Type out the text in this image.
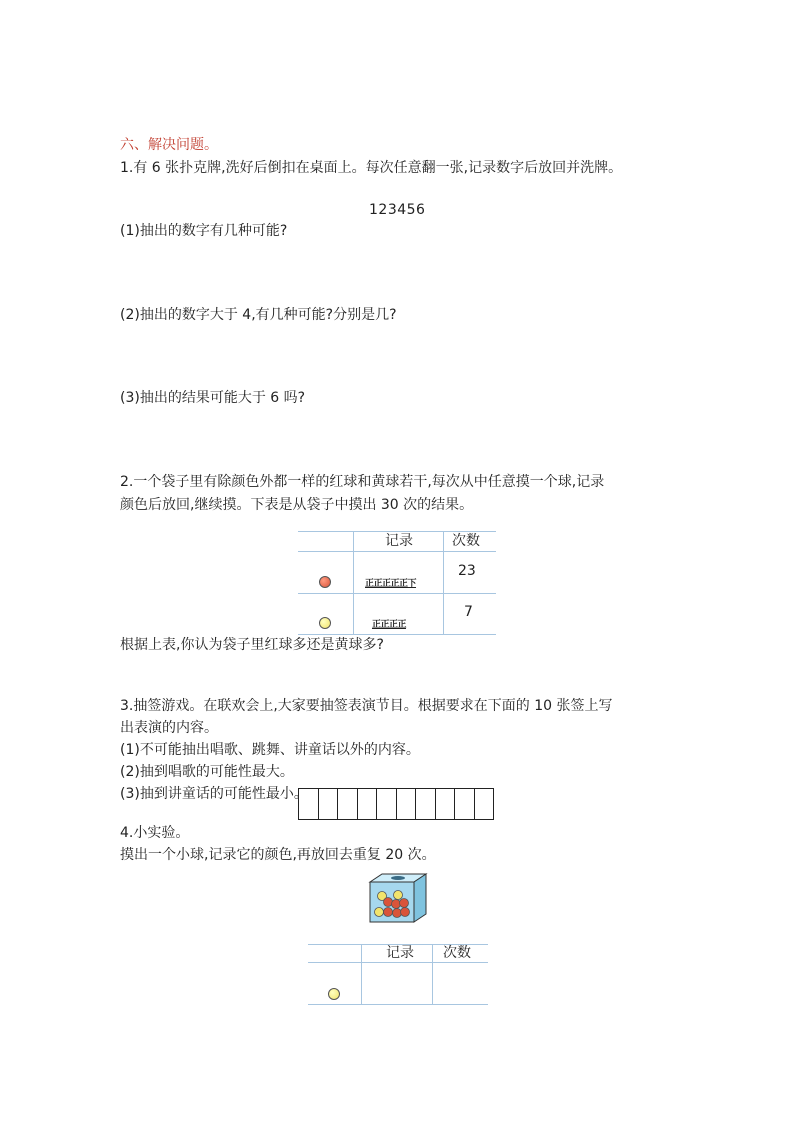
六、解决问题。
1.有 6 张扑克牌,洗好后倒扣在桌面上。每次任意翻一张,记录数字后放回并洗牌。
123456
(1)抽出的数字有几种可能?
(2)抽出的数字大于 4,有几种可能?分别是几?
(3)抽出的结果可能大于 6 吗?
2.一个袋子里有除颜色外都一样的红球和黄球若干,每次从中任意摸一个球,记录
颜色后放回,继续摸。下表是从袋子中摸出 30 次的结果。
记录	次数
正正正正正下
23
正正正正
7
根据上表,你认为袋子里红球多还是黄球多?
3.抽签游戏。在联欢会上,大家要抽签表演节目。根据要求在下面的 10 张签上写
出表演的内容。
(1)不可能抽出唱歌、跳舞、讲童话以外的内容。
(2)抽到唱歌的可能性最大。
(3)抽到讲童话的可能性最小。
4.小实验。
摸出一个小球,记录它的颜色,再放回去重复 20 次。
记录 次数
